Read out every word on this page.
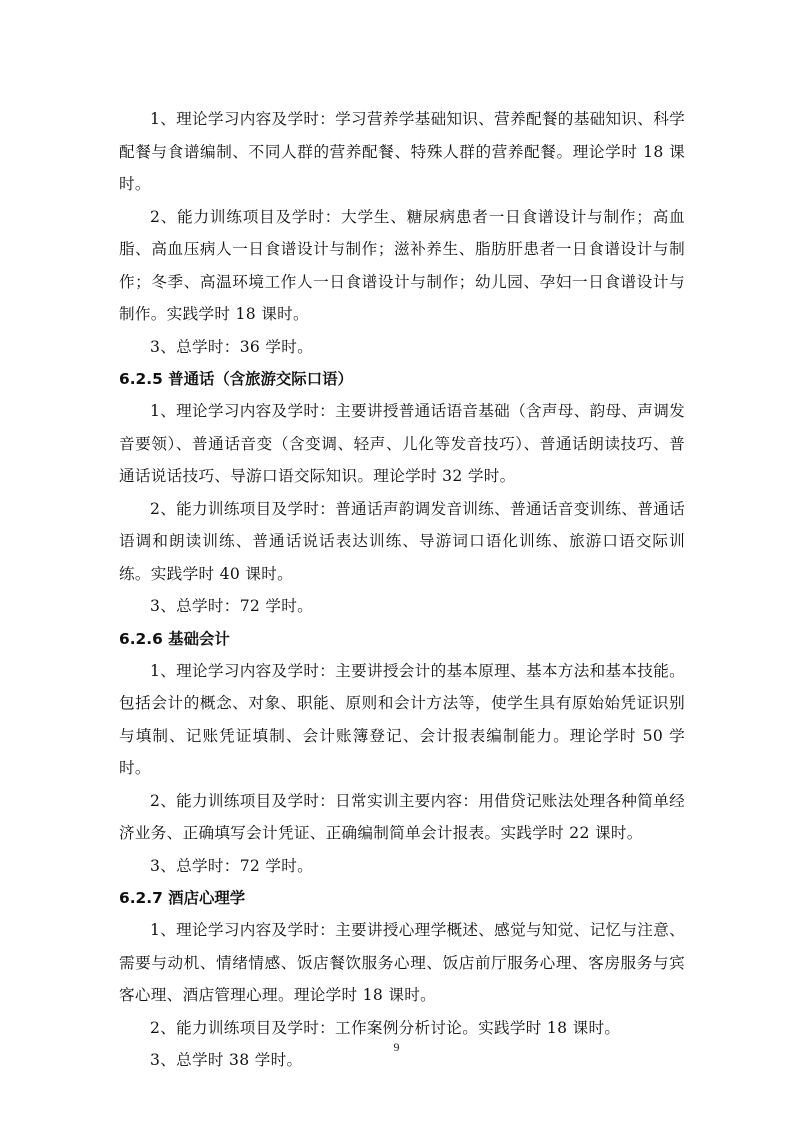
1、理论学习内容及学时：学习营养学基础知识、营养配餐的基础知识、科学配餐与食谱编制、不同人群的营养配餐、特殊人群的营养配餐。理论学时 18 课时。

2、能力训练项目及学时：大学生、糖尿病患者一日食谱设计与制作；高血脂、高血压病人一日食谱设计与制作；滋补养生、脂肪肝患者一日食谱设计与制作；冬季、高温环境工作人一日食谱设计与制作；幼儿园、孕妇一日食谱设计与制作。实践学时 18 课时。

3、总学时：36 学时。

6.2.5 普通话（含旅游交际口语）

1、理论学习内容及学时：主要讲授普通话语音基础（含声母、韵母、声调发音要领）、普通话音变（含变调、轻声、儿化等发音技巧）、普通话朗读技巧、普通话说话技巧、导游口语交际知识。理论学时 32 学时。

2、能力训练项目及学时：普通话声韵调发音训练、普通话音变训练、普通话语调和朗读训练、普通话说话表达训练、导游词口语化训练、旅游口语交际训练。实践学时 40 课时。

3、总学时：72 学时。

6.2.6 基础会计

1、理论学习内容及学时：主要讲授会计的基本原理、基本方法和基本技能。包括会计的概念、对象、职能、原则和会计方法等，使学生具有原始始凭证识别与填制、记账凭证填制、会计账簿登记、会计报表编制能力。理论学时 50 学时。

2、能力训练项目及学时：日常实训主要内容：用借贷记账法处理各种简单经济业务、正确填写会计凭证、正确编制简单会计报表。实践学时 22 课时。

3、总学时：72 学时。

6.2.7 酒店心理学

1、理论学习内容及学时：主要讲授心理学概述、感觉与知觉、记忆与注意、需要与动机、情绪情感、饭店餐饮服务心理、饭店前厅服务心理、客房服务与宾客心理、酒店管理心理。理论学时 18 课时。

2、能力训练项目及学时：工作案例分析讨论。实践学时 18 课时。

3、总学时 38 学时。

9
